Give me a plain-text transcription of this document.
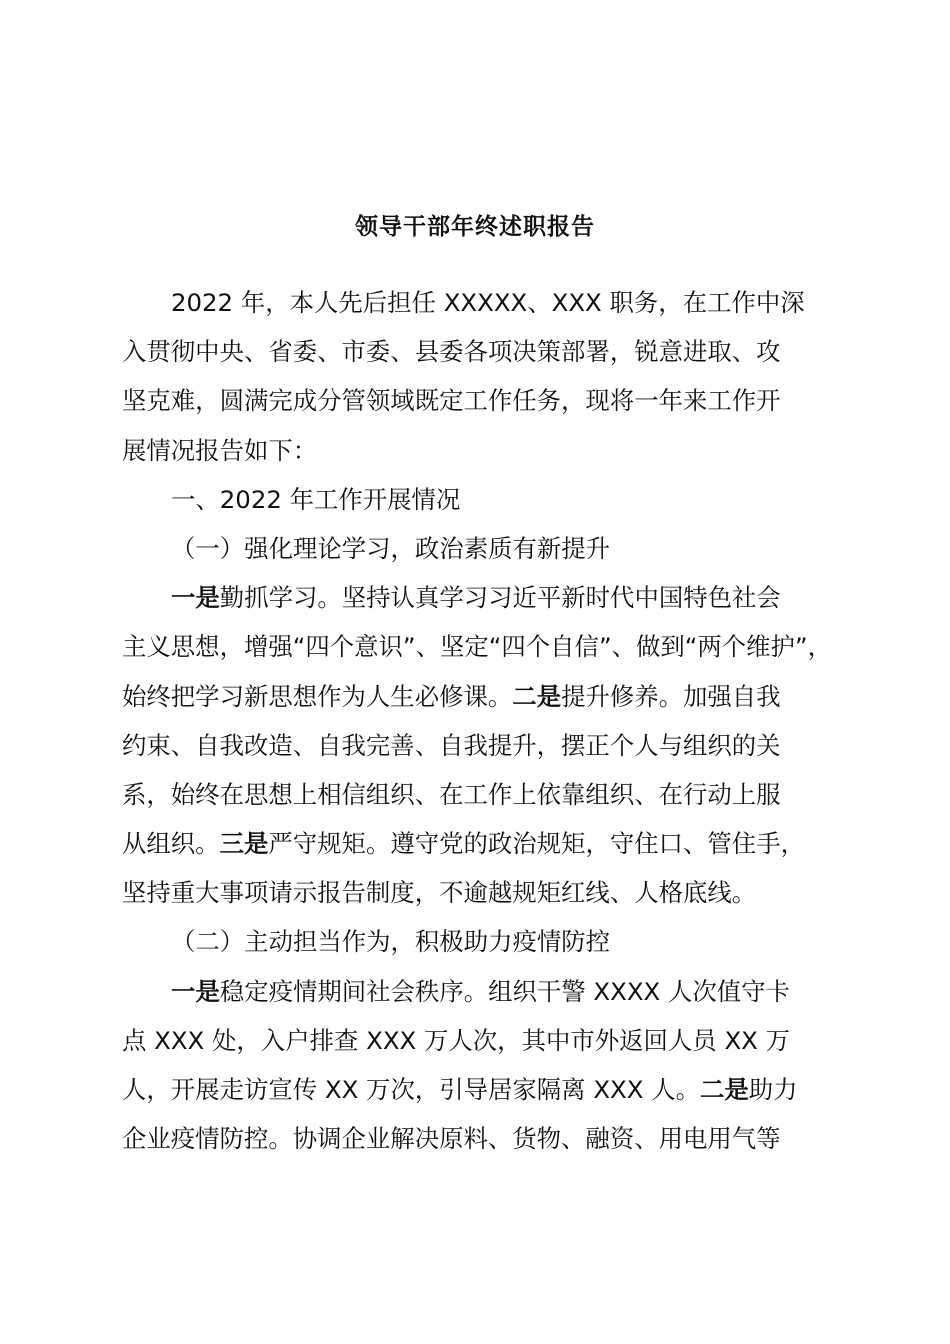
领导干部年终述职报告
2022 年，本人先后担任 XXXXX、XXX 职务，在工作中深
入贯彻中央、省委、市委、县委各项决策部署，锐意进取、攻
坚克难，圆满完成分管领域既定工作任务，现将一年来工作开
展情况报告如下：
一、2022 年工作开展情况
（一）强化理论学习，政治素质有新提升
一是勤抓学习。坚持认真学习习近平新时代中国特色社会
主义思想，增强“四个意识”、坚定“四个自信”、做到“两个维护”，
始终把学习新思想作为人生必修课。二是提升修养。加强自我
约束、自我改造、自我完善、自我提升，摆正个人与组织的关
系，始终在思想上相信组织、在工作上依靠组织、在行动上服
从组织。三是严守规矩。遵守党的政治规矩，守住口、管住手，
坚持重大事项请示报告制度，不逾越规矩红线、人格底线。
（二）主动担当作为，积极助力疫情防控
一是稳定疫情期间社会秩序。组织干警 XXXX 人次值守卡
点 XXX 处，入户排查 XXX 万人次，其中市外返回人员 XX 万
人，开展走访宣传 XX 万次，引导居家隔离 XXX 人。二是助力
企业疫情防控。协调企业解决原料、货物、融资、用电用气等
